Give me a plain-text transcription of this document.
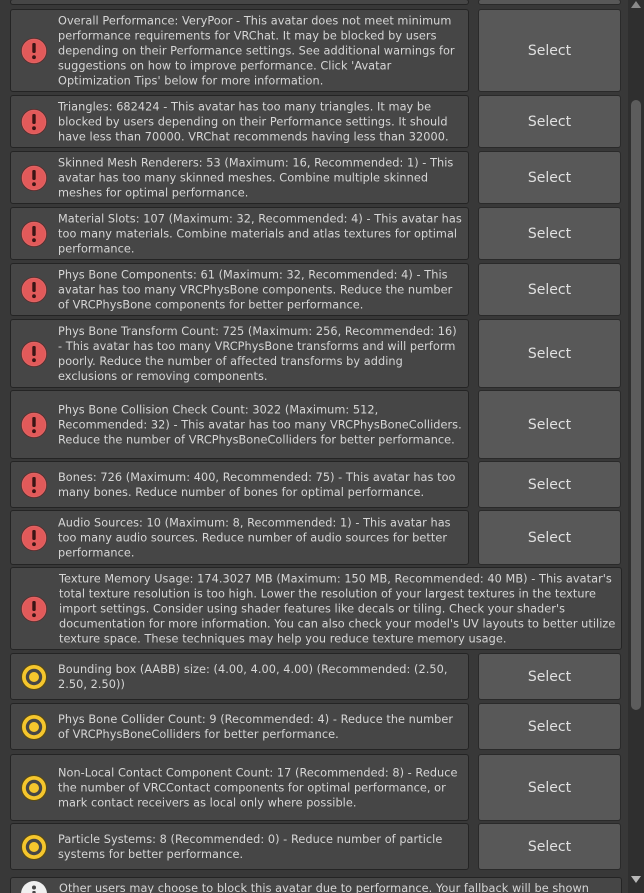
Overall Performance: VeryPoor - This avatar does not meet minimum performance requirements for VRChat. It may be blocked by users depending on their Performance settings. See additional warnings for suggestions on how to improve performance. Click 'Avatar Optimization Tips' below for more information.
Select
Triangles: 682424 - This avatar has too many triangles. It may be blocked by users depending on their Performance settings. It should have less than 70000. VRChat recommends having less than 32000.
Select
Skinned Mesh Renderers: 53 (Maximum: 16, Recommended: 1) - This avatar has too many skinned meshes. Combine multiple skinned meshes for optimal performance.
Select
Material Slots: 107 (Maximum: 32, Recommended: 4) - This avatar has too many materials. Combine materials and atlas textures for optimal performance.
Select
Phys Bone Components: 61 (Maximum: 32, Recommended: 4) - This avatar has too many VRCPhysBone components. Reduce the number of VRCPhysBone components for better performance.
Select
Phys Bone Transform Count: 725 (Maximum: 256, Recommended: 16) - This avatar has too many VRCPhysBone transforms and will perform poorly. Reduce the number of affected transforms by adding exclusions or removing components.
Select
Phys Bone Collision Check Count: 3022 (Maximum: 512, Recommended: 32) - This avatar has too many VRCPhysBoneColliders. Reduce the number of VRCPhysBoneColliders for better performance.
Select
Bones: 726 (Maximum: 400, Recommended: 75) - This avatar has too many bones. Reduce number of bones for optimal performance.	Select
Audio Sources: 10 (Maximum: 8, Recommended: 1) - This avatar has too many audio sources. Reduce number of audio sources for better performance.
Select
Texture Memory Usage: 174.3027 MB (Maximum: 150 MB, Recommended: 40 MB) - This avatar's total texture resolution is too high. Lower the resolution of your largest textures in the texture import settings. Consider using shader features like decals or tiling. Check your shader's documentation for more information. You can also check your model's UV layouts to better utilize texture space. These techniques may help you reduce texture memory usage.
Bounding box (AABB) size: (4.00, 4.00, 4.00) (Recommended: (2.50, 2.50, 2.50))	Select
Phys Bone Collider Count: 9 (Recommended: 4) - Reduce the number of VRCPhysBoneColliders for better performance.	Select
Non-Local Contact Component Count: 17 (Recommended: 8) - Reduce the number of VRCContact components for optimal performance, or mark contact receivers as local only where possible.
Select
Particle Systems: 8 (Recommended: 0) - Reduce number of particle systems for better performance.	Select
Other users may choose to block this avatar due to performance. Your fallback will be shown
